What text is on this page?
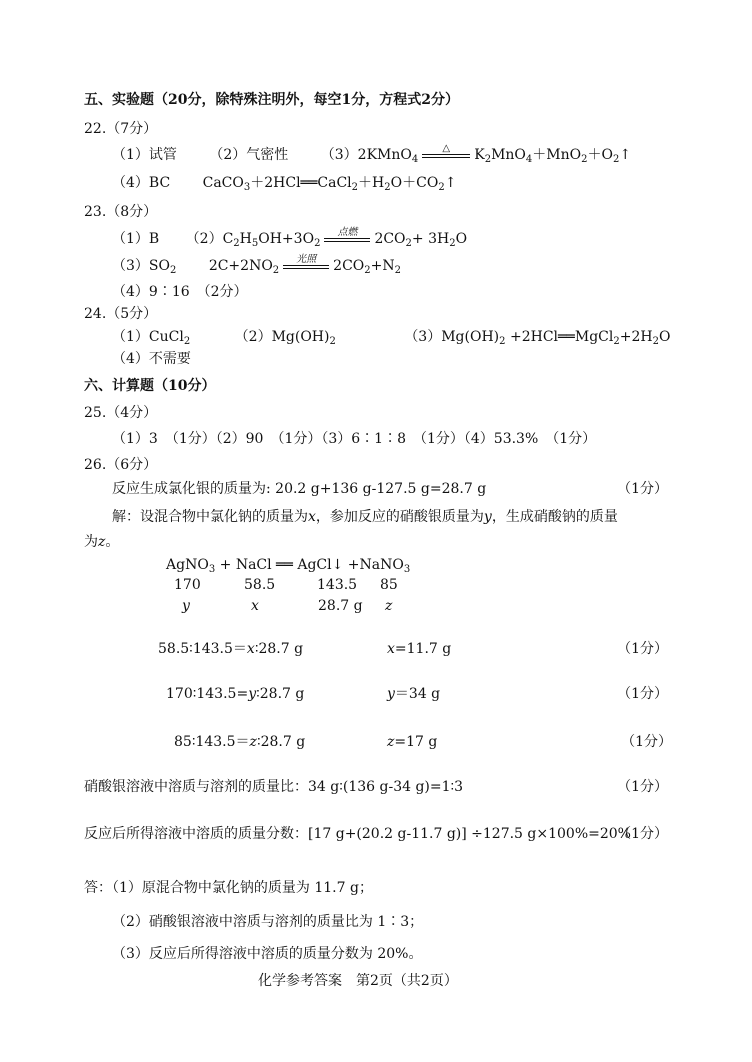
五、实验题（20分，除特殊注明外，每空1分，方程式2分）
22.（7分）
（1）试管 （2）气密性 （3）2KMnO$_4$
△	$K_2MnO_4+MnO_2+O_2↑$
（4）BC $CaCO_3+2HCl══CaCl_2+H_2O+CO_2↑$
23.（8分）
（1）B $(2)C_2H_5OH+3O_2$
点燃	$2CO_2+ 3H_2O$
$(3)SO_2$ $2C+2NO_2$
光照	$2CO_2+N_2$
（4）9∶16　（2分）
24.（5分）
（1）CuCl$_2$	$(2)Mg(OH)_2$	$(3)Mg(OH)_2$ $+2HCl══MgCl_2+2H_2O$
（4）不需要
六、计算题（10分）
25.（4分）
（1）3　（1分）（2）90　（1分）（3）6∶1∶8　（1分）（4）53.3%　（1分）
26.（6分）
反应生成氯化银的质量为: 20.2 g+136 g-127.5 g=28.7 g	（1分）
解：设混合物中氯化钠的质量为x，参加反应的硝酸银质量为y，生成硝酸钠的质量
为z。
AgNO$_3$ + NaCl ══ AgCl↓ +NaNO$_3$
170	58.5	143.5 85
y	x	28.7 g z
58.5∶143.5＝x∶28.7 g	x=11.7 g	（1分）
170∶143.5=y∶28.7 g	y＝34 g	（1分）
85∶143.5＝z∶28.7 g	z=17 g	（1分）
硝酸银溶液中溶质与溶剂的质量比：34 g∶(136 g-34 g)=1∶3	（1分）
反应后所得溶液中溶质的质量分数：[17 g+(20.2 g-11.7 g)] ÷127.5 g×100%=20%
（1分）
答：（1）原混合物中氯化钠的质量为 11.7 g；
（2）硝酸银溶液中溶质与溶剂的质量比为 1∶3；
（3）反应后所得溶液中溶质的质量分数为 20%。
化学参考答案　第2页（共2页）
